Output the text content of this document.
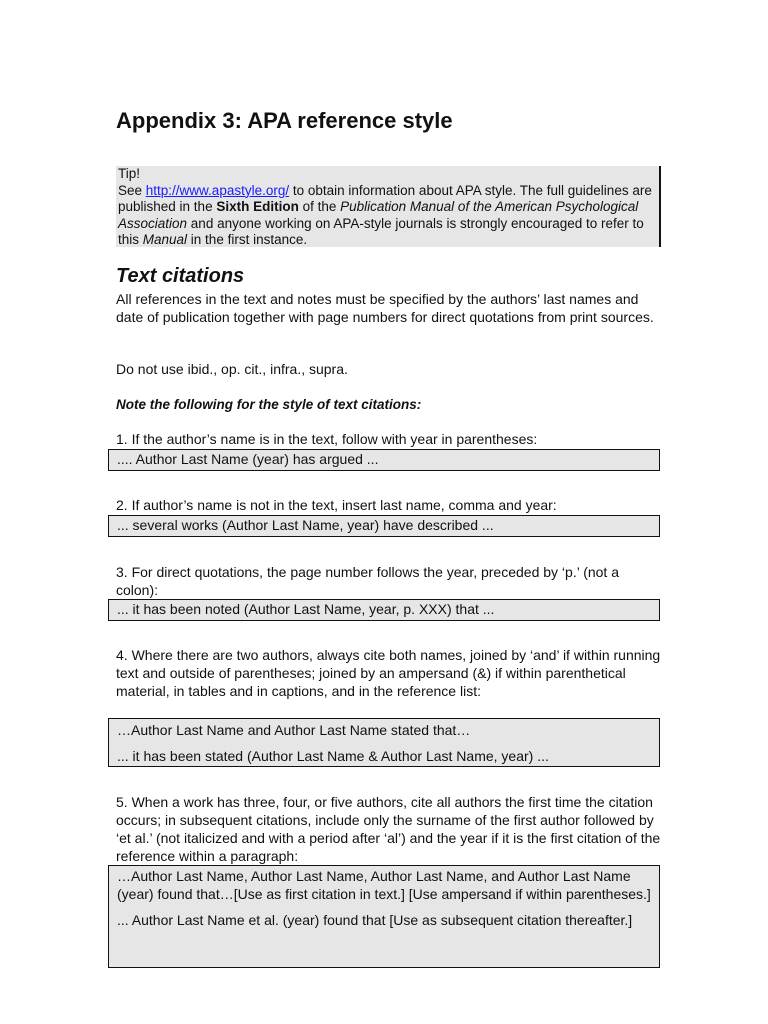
Appendix 3: APA reference style
Tip!
See http://www.apastyle.org/ to obtain information about APA style. The full guidelines are published in the Sixth Edition of the Publication Manual of the American Psychological Association and anyone working on APA-style journals is strongly encouraged to refer to this Manual in the first instance.
Text citations

All references in the text and notes must be specified by the authors’ last names and date of publication together with page numbers for direct quotations from print sources.

Do not use ibid., op. cit., infra., supra.

Note the following for the style of text citations:

1. If the author’s name is in the text, follow with year in parentheses:

.... Author Last Name (year) has argued ...

2. If author’s name is not in the text, insert last name, comma and year:

... several works (Author Last Name, year) have described ...

3. For direct quotations, the page number follows the year, preceded by ‘p.’ (not a colon):

... it has been noted (Author Last Name, year, p. XXX) that ...

4. Where there are two authors, always cite both names, joined by ‘and’ if within running text and outside of parentheses; joined by an ampersand (&) if within parenthetical material, in tables and in captions, and in the reference list:

…Author Last Name and Author Last Name stated that…
... it has been stated (Author Last Name & Author Last Name, year) ...

5. When a work has three, four, or five authors, cite all authors the first time the citation occurs; in subsequent citations, include only the surname of the first author followed by ‘et al.’ (not italicized and with a period after ‘al’) and the year if it is the first citation of the reference within a paragraph:

…Author Last Name, Author Last Name, Author Last Name, and Author Last Name (year) found that…[Use as first citation in text.] [Use ampersand if within parentheses.]
... Author Last Name et al. (year) found that [Use as subsequent citation thereafter.]
